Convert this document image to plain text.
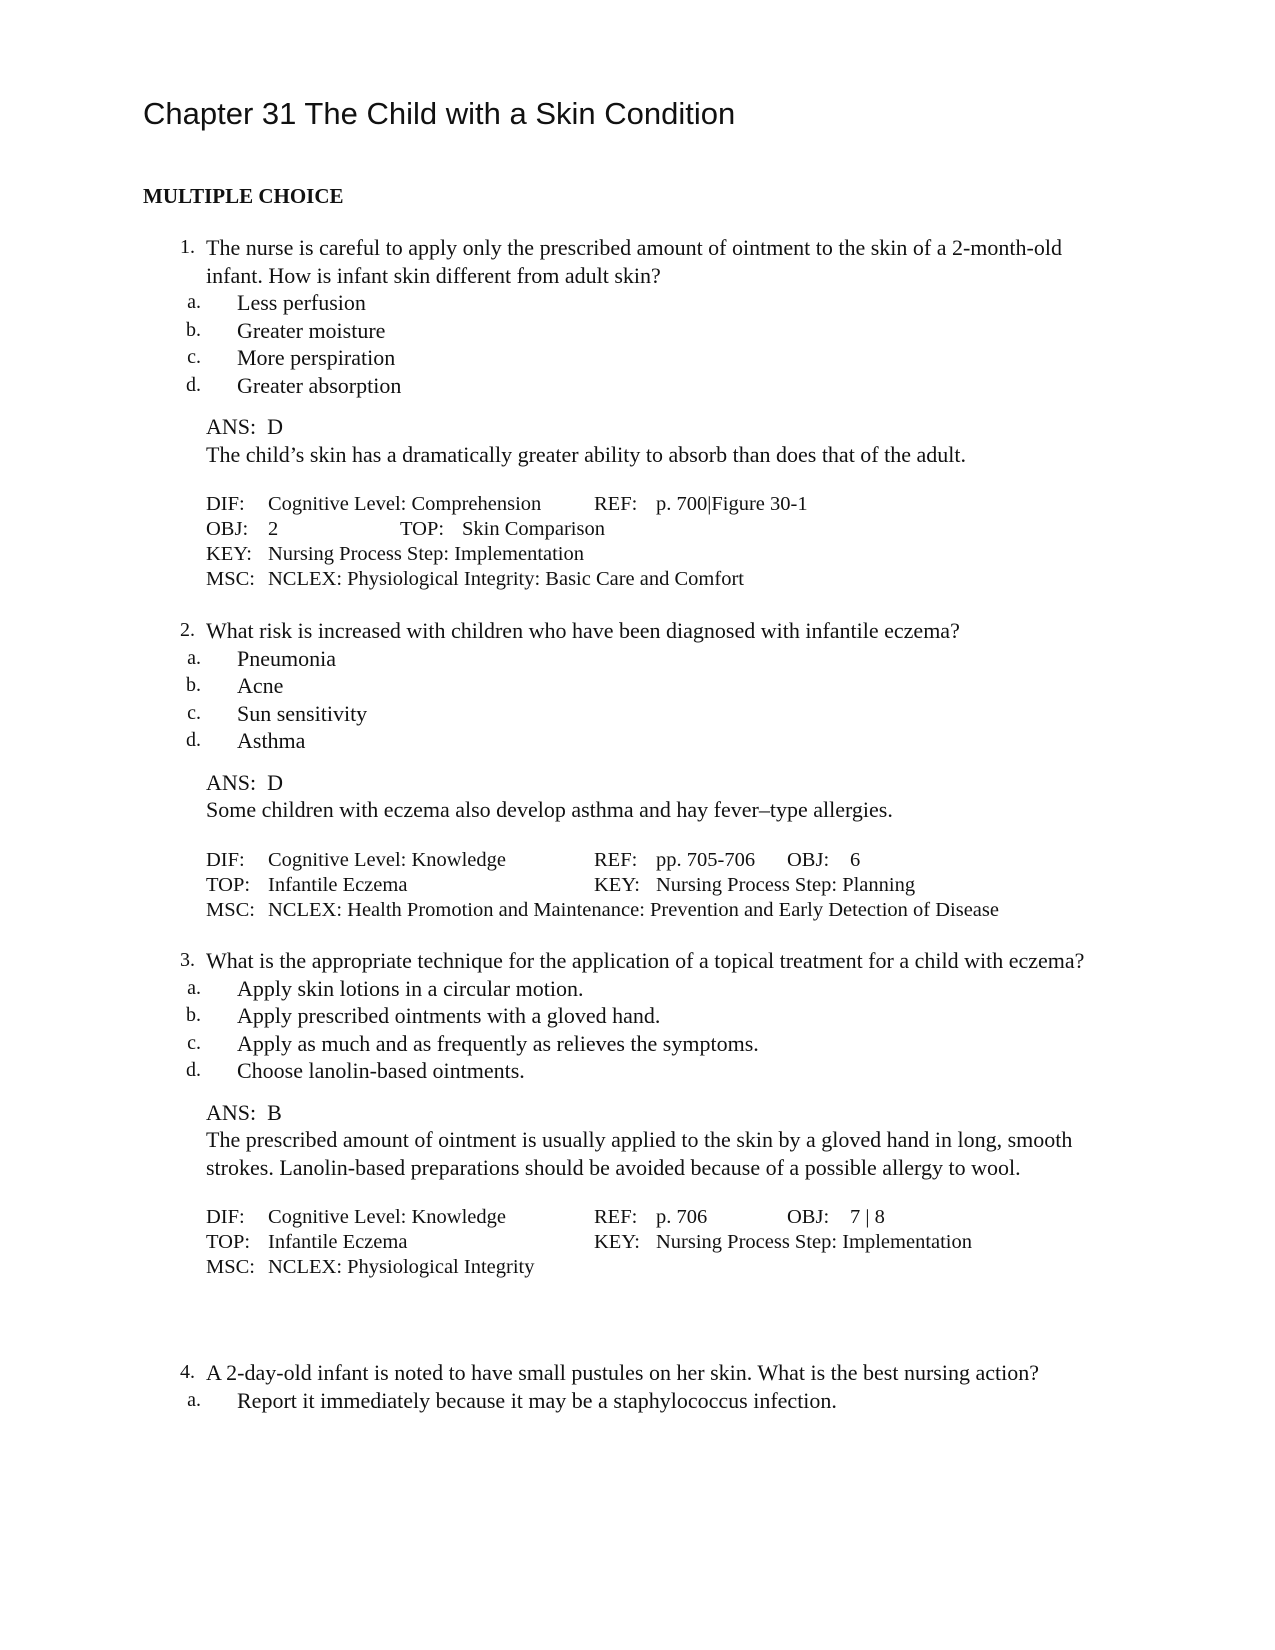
Chapter 31 The Child with a Skin Condition
MULTIPLE CHOICE
1. The nurse is careful to apply only the prescribed amount of ointment to the skin of a 2-month-old infant. How is infant skin different from adult skin?
a.	Less perfusion
b.	Greater moisture
c.	More perspiration
d.	Greater absorption
ANS:  D
The child’s skin has a dramatically greater ability to absorb than does that of the adult.
DIF: Cognitive Level: Comprehension	REF: p. 700|Figure 30-1
OBJ: 2	TOP: Skin Comparison
KEY: Nursing Process Step: Implementation
MSC: NCLEX: Physiological Integrity: Basic Care and Comfort
2. What risk is increased with children who have been diagnosed with infantile eczema?
a.	Pneumonia
b.	Acne
c.	Sun sensitivity
d.	Asthma
ANS:  D
Some children with eczema also develop asthma and hay fever–type allergies.
DIF: Cognitive Level: Knowledge	REF: pp. 705-706 OBJ: 6
TOP: Infantile Eczema	KEY: Nursing Process Step: Planning
MSC: NCLEX: Health Promotion and Maintenance: Prevention and Early Detection of Disease
3. What is the appropriate technique for the application of a topical treatment for a child with eczema?
a.	Apply skin lotions in a circular motion.
b.	Apply prescribed ointments with a gloved hand.
c.	Apply as much and as frequently as relieves the symptoms.
d.	Choose lanolin-based ointments.
ANS:  B
The prescribed amount of ointment is usually applied to the skin by a gloved hand in long, smooth strokes. Lanolin-based preparations should be avoided because of a possible allergy to wool.
DIF: Cognitive Level: Knowledge	REF: p. 706	OBJ: 7 | 8
TOP: Infantile Eczema	KEY: Nursing Process Step: Implementation
MSC: NCLEX: Physiological Integrity
4. A 2-day-old infant is noted to have small pustules on her skin. What is the best nursing action?
a.	Report it immediately because it may be a staphylococcus infection.
